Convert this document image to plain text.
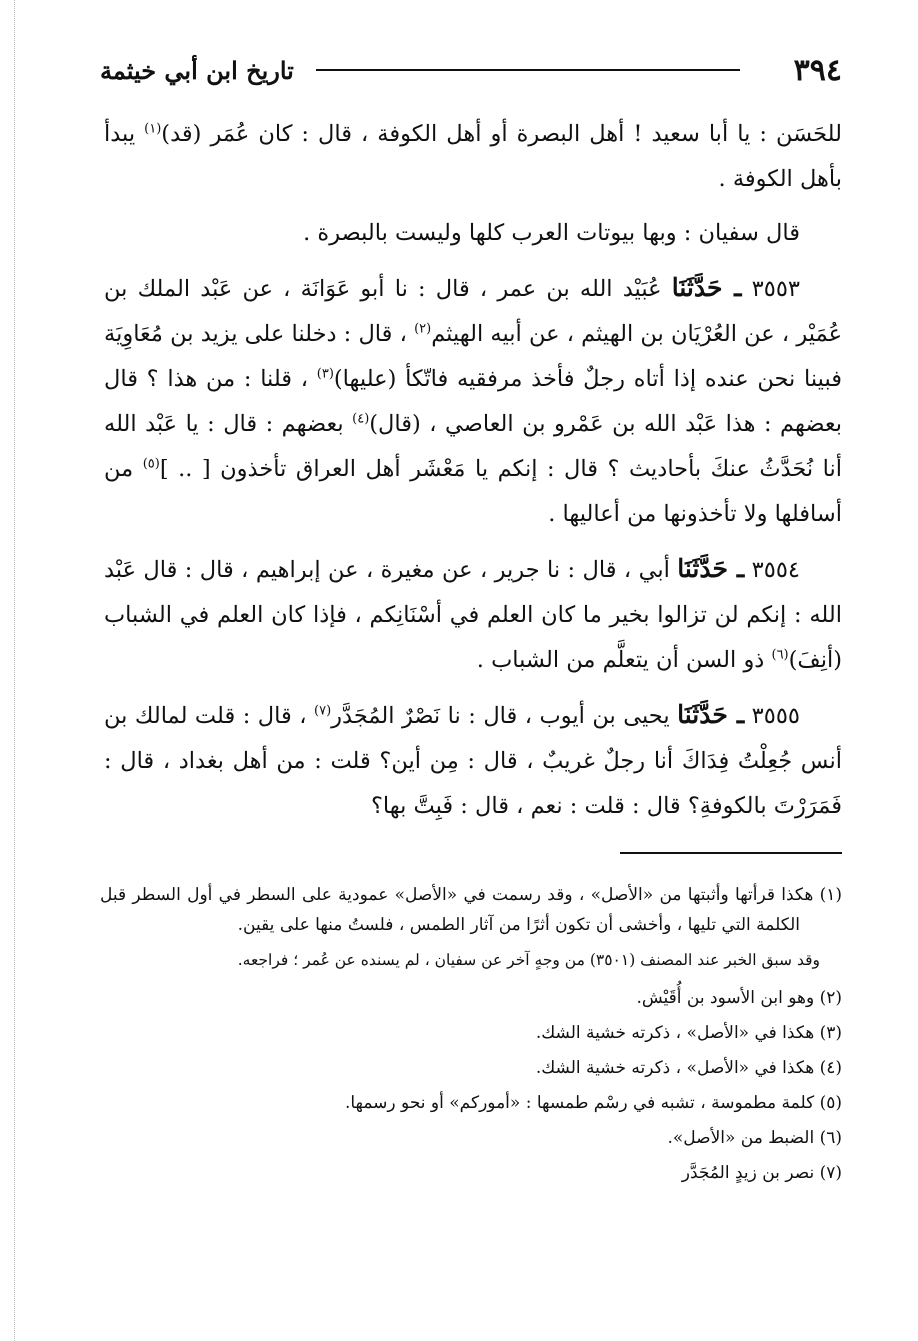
٣٩٤
تاريخ ابن أبي خيثمة

للحَسَن : يا أبا سعيد ! أهل البصرة أو أهل الكوفة ، قال : كان عُمَر (قد)$^{(١)}$ يبدأ بأهل الكوفة .

قال سفيان : وبها بيوتات العرب كلها وليست بالبصرة .

٣٥٥٣ ـ حَدَّثَنَا عُبَيْد الله بن عمر ، قال : نا أبو عَوَانَة ، عن عَبْد الملك بن عُمَيْر ، عن العُرْيَان بن الهيثم ، عن أبيه الهيثم$^{(٢)}$ ، قال : دخلنا على يزيد بن مُعَاوِيَة فبينا نحن عنده إذا أتاه رجلٌ فأخذ مرفقيه فاتّكأ (عليها)$^{(٣)}$ ، قلنا : من هذا ؟ قال بعضهم : هذا عَبْد الله بن عَمْرو بن العاصي ، (قال)$^{(٤)}$ بعضهم : قال : يا عَبْد الله أنا نُحَدَّثُ عنكَ بأحاديث ؟ قال : إنكم يا مَعْشَر أهل العراق تأخذون [ .. ]$^{(٥)}$ من أسافلها ولا تأخذونها من أعاليها .

٣٥٥٤ ـ حَدَّثَنَا أبي ، قال : نا جرير ، عن مغيرة ، عن إبراهيم ، قال : قال عَبْد الله : إنكم لن تزالوا بخير ما كان العلم في أسْنَانِكم ، فإذا كان العلم في الشباب (أنِفَ)$^{(٦)}$ ذو السن أن يتعلَّم من الشباب .

٣٥٥٥ ـ حَدَّثَنَا يحيى بن أيوب ، قال : نا نَصْرٌ المُجَدَّر$^{(٧)}$ ، قال : قلت لمالك بن أنس جُعِلْتُ فِدَاكَ أنا رجلٌ غريبٌ ، قال : مِن أين؟ قلت : من أهل بغداد ، قال : فَمَرَرْتَ بالكوفةِ؟ قال : قلت : نعم ، قال : فَبِتَّ بها؟

(١) هكذا قرأتها وأثبتها من «الأصل» ، وقد رسمت في «الأصل» عمودية على السطر في أول السطر قبل الكلمة التي تليها ، وأخشى أن تكون أثرًا من آثار الطمس ، فلستُ منها على يقين.

وقد سبق الخبر عند المصنف (٣٥٠١) من وجهٍ آخر عن سفيان ، لم يسنده عن عُمر ؛ فراجعه.

(٢) وهو ابن الأسود بن أُقَيْش.

(٣) هكذا في «الأصل» ، ذكرته خشية الشك.

(٤) هكذا في «الأصل» ، ذكرته خشية الشك.

(٥) كلمة مطموسة ، تشبه في رسْم طمسها : «أموركم» أو نحو رسمها.

(٦) الضبط من «الأصل».

(٧) نصر بن زيدٍ المُجَدَّر
